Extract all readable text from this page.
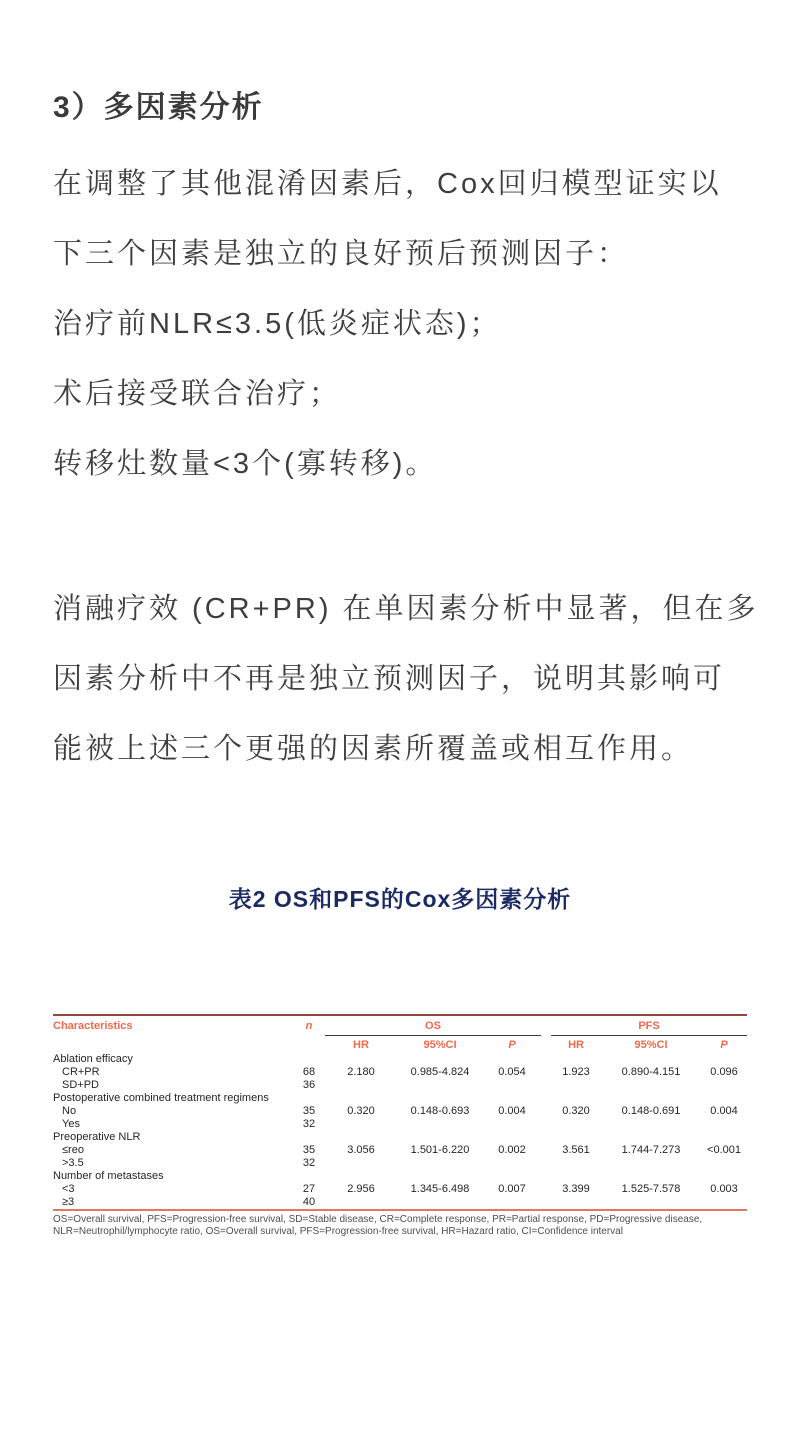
3）多因素分析
在调整了其他混淆因素后，Cox回归模型证实以
下三个因素是独立的良好预后预测因子：
治疗前NLR≤3.5(低炎症状态)；
术后接受联合治疗；
转移灶数量<3个(寡转移)。
消融疗效 (CR+PR) 在单因素分析中显著，但在多
因素分析中不再是独立预测因子，说明其影响可
能被上述三个更强的因素所覆盖或相互作用。
表2 OS和PFS的Cox多因素分析
Characteristics	n	OS				PFS		
		HR	95%CI	P		HR	95%CI	P
Ablation efficacy								
CR+PR	68	2.180	0.985-4.824	0.054		1.923	0.890-4.151	0.096
SD+PD	36							
Postoperative combined treatment regimens								
No	35	0.320	0.148-0.693	0.004		0.320	0.148-0.691	0.004
Yes	32							
Preoperative NLR								
≤reo	35	3.056	1.501-6.220	0.002		3.561	1.744-7.273	<0.001
>3.5	32							
Number of metastases								
<3	27	2.956	1.345-6.498	0.007		3.399	1.525-7.578	0.003
≥3	40							
OS=Overall survival, PFS=Progression-free survival, SD=Stable disease, CR=Complete response, PR=Partial response, PD=Progressive disease, NLR=Neutrophil/lymphocyte ratio, OS=Overall survival, PFS=Progression-free survival, HR=Hazard ratio, CI=Confidence interval
